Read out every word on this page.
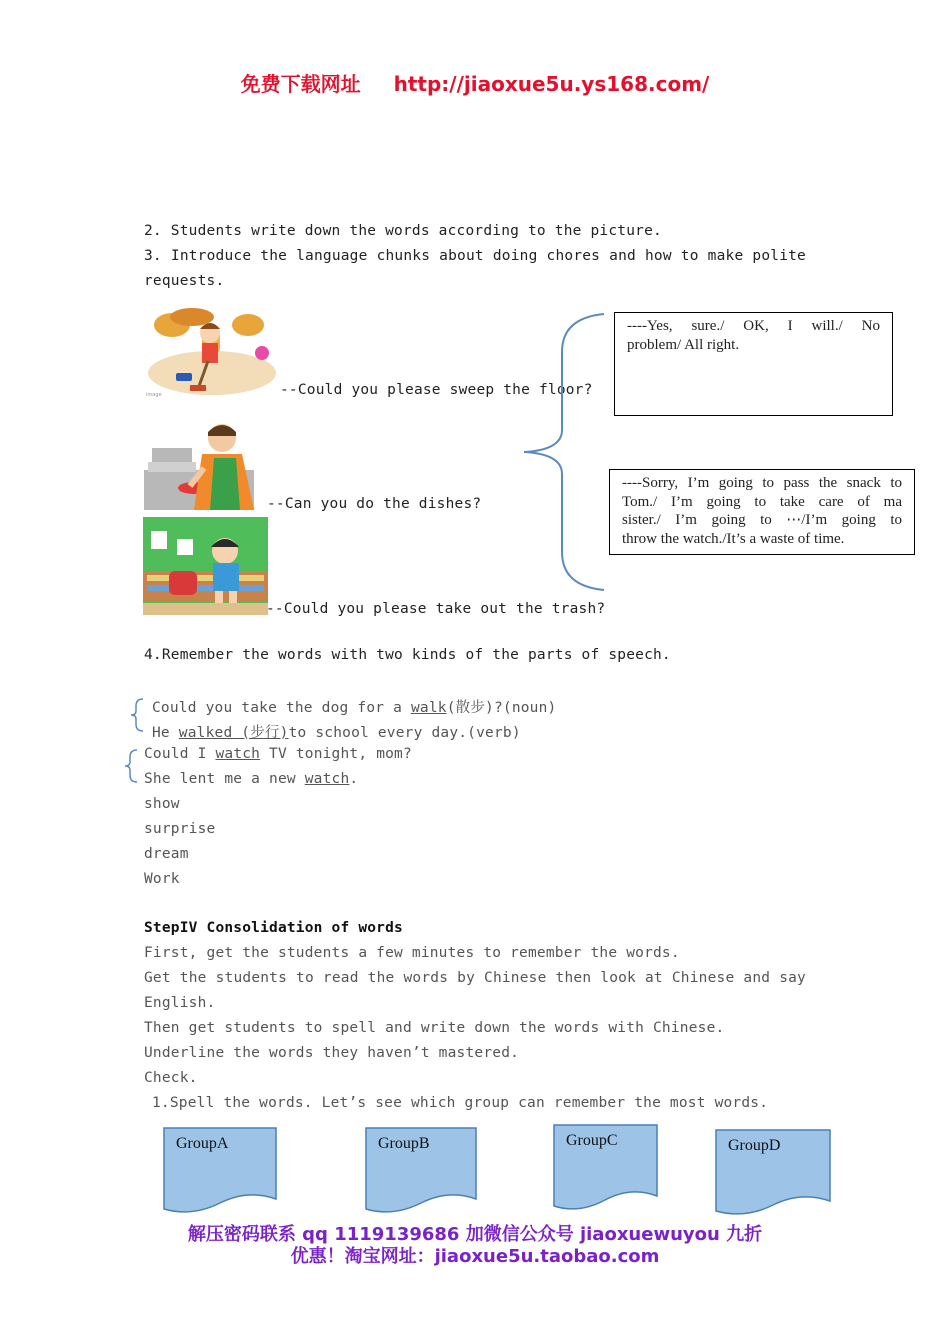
免费下载网址 http://jiaoxue5u.ys168.com/
2. Students write down the words according to the picture.
3. Introduce the language chunks about doing chores and how to make polite
requests.
image	--Could you please sweep the floor?
--Can you do the dishes?
--Could you please take out the trash?
----Yes, sure./ OK, I will./ No
problem/ All right.
----Sorry, I’m going to pass the snack to
Tom./ I’m going to take care of ma
sister./ I’m going to ⋯/I’m going to
throw the watch./It’s a waste of time.
4.Remember the words with two kinds of the parts of speech.
Could you take the dog for a walk(散步)?(noun)
He walked (步行)to school every day.(verb)
Could I watch TV tonight, mom?
She lent me a new watch.
show
surprise
dream
Work
StepIV Consolidation of words
First, get the students a few minutes to remember the words.
Get the students to read the words by Chinese then look at Chinese and say
English.
Then get students to spell and write down the words with Chinese.
Underline the words they haven’t mastered.
Check.
1.Spell the words. Let’s see which group can remember the most words.
GroupA	GroupB	GroupC	GroupD
解压密码联系 qq 1119139686 加微信公众号 jiaoxuewuyou 九折
优惠！淘宝网址：jiaoxue5u.taobao.com
